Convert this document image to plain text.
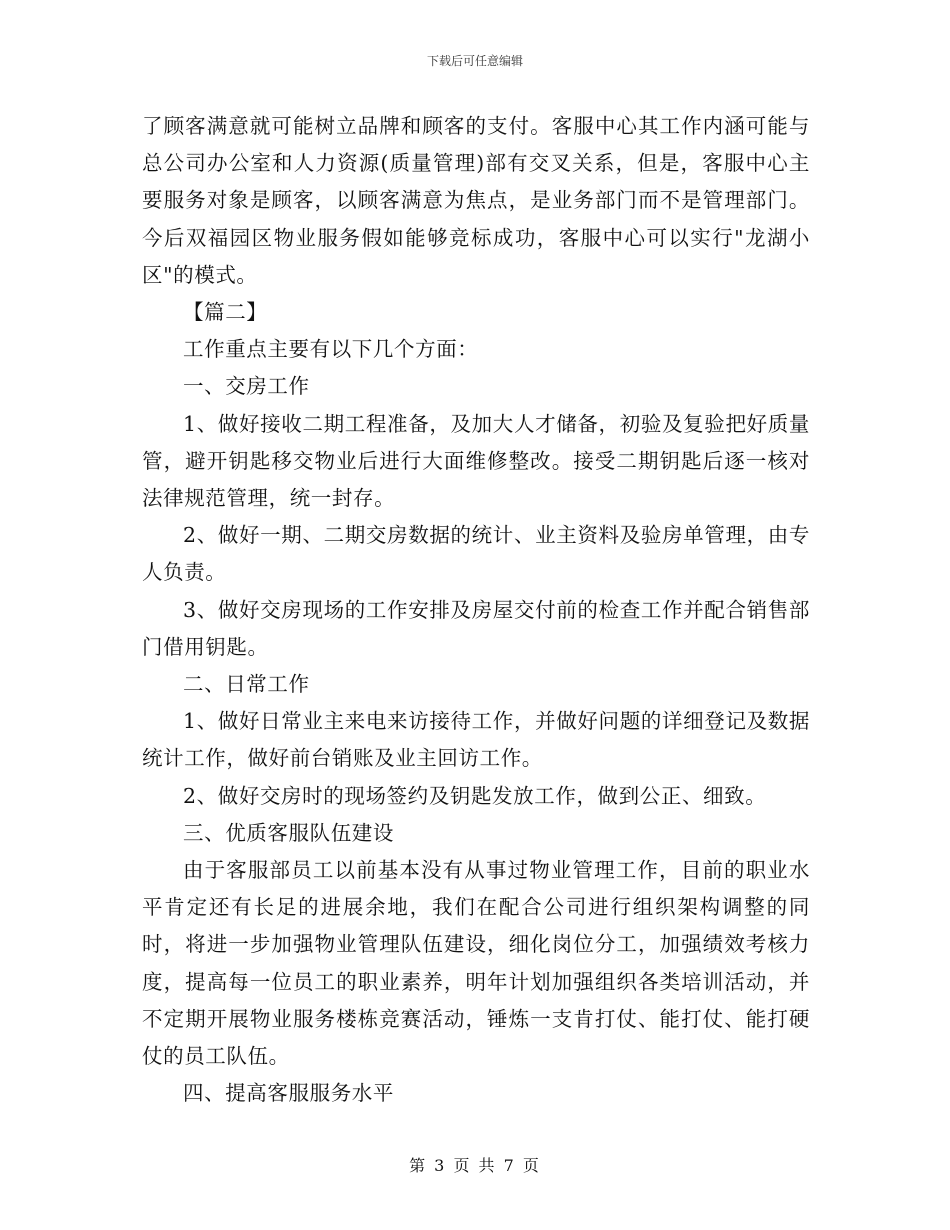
下载后可任意编辑

了顾客满意就可能树立品牌和顾客的支付。客服中心其工作内涵可能与总公司办公室和人力资源(质量管理)部有交叉关系，但是，客服中心主要服务对象是顾客，以顾客满意为焦点，是业务部门而不是管理部门。今后双福园区物业服务假如能够竞标成功，客服中心可以实行"龙湖小区"的模式。

【篇二】

工作重点主要有以下几个方面：

一、交房工作

1、做好接收二期工程准备，及加大人才储备，初验及复验把好质量管，避开钥匙移交物业后进行大面维修整改。接受二期钥匙后逐一核对法律规范管理，统一封存。

2、做好一期、二期交房数据的统计、业主资料及验房单管理，由专人负责。

3、做好交房现场的工作安排及房屋交付前的检查工作并配合销售部门借用钥匙。

二、日常工作

1、做好日常业主来电来访接待工作，并做好问题的详细登记及数据统计工作，做好前台销账及业主回访工作。

2、做好交房时的现场签约及钥匙发放工作，做到公正、细致。

三、优质客服队伍建设

由于客服部员工以前基本没有从事过物业管理工作，目前的职业水平肯定还有长足的进展余地，我们在配合公司进行组织架构调整的同时，将进一步加强物业管理队伍建设，细化岗位分工，加强绩效考核力度，提高每一位员工的职业素养，明年计划加强组织各类培训活动，并不定期开展物业服务楼栋竞赛活动，锤炼一支肯打仗、能打仗、能打硬仗的员工队伍。

四、提高客服服务水平

第 3 页 共 7 页
